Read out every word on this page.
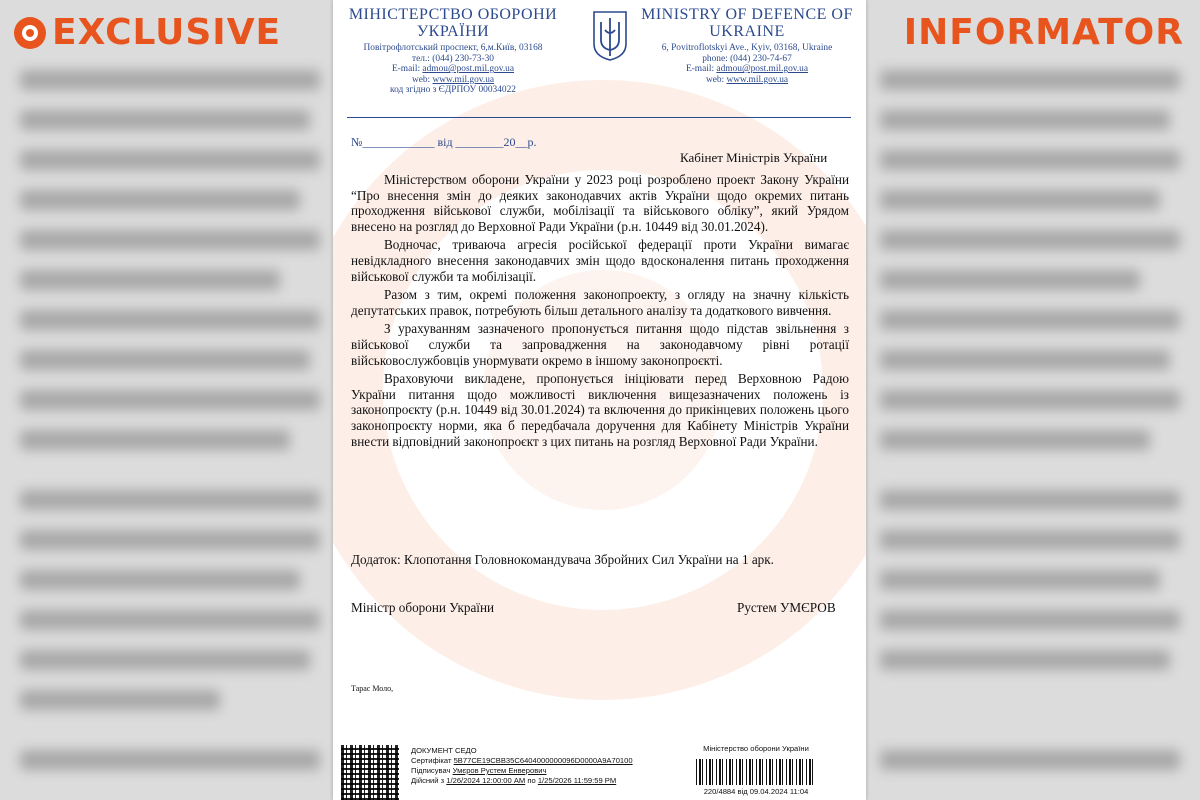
EXCLUSIVE	INFORMATOR
МІНІСТЕРСТВО ОБОРОНИ УКРАЇНИ
Повітрофлотський проспект, 6,м.Київ, 03168
тел.: (044) 230-73-30
E-mail: admou@post.mil.gov.ua
web: www.mil.gov.ua
код згідно з ЄДРПОУ 00034022
MINISTRY OF DEFENCE OF UKRAINE
6, Povitroflotskyi Ave., Kyiv, 03168, Ukraine
phone: (044) 230-74-67
E-mail: admou@post.mil.gov.ua
web: www.mil.gov.ua
№____________ від ________20__р.
Кабінет Міністрів України

Міністерством оборони України у 2023 році розроблено проект Закону України “Про внесення змін до деяких законодавчих актів України щодо окремих питань проходження військової служби, мобілізації та військового обліку”, який Урядом внесено на розгляд до Верховної Ради України (р.н. 10449 від 30.01.2024).

Водночас, триваюча агресія російської федерації проти України вимагає невідкладного внесення законодавчих змін щодо вдосконалення питань проходження військової служби та мобілізації.

Разом з тим, окремі положення законопроекту, з огляду на значну кількість депутатських правок, потребують більш детального аналізу та додаткового вивчення.

З урахуванням зазначеного пропонується питання щодо підстав звільнення з військової служби та запровадження на законодавчому рівні ротації військовослужбовців унормувати окремо в іншому законопроєкті.

Враховуючи викладене, пропонується ініціювати перед Верховною Радою України питання щодо можливості виключення вищезазначених положень із законопроєкту (р.н. 10449 від 30.01.2024) та включення до прикінцевих положень цього законопроєкту норми, яка б передбачала доручення для Кабінету Міністрів України внести відповідний законопроєкт з цих питань на розгляд Верховної Ради України.

Додаток: Клопотання Головнокомандувача Збройних Сил України на 1 арк.
Міністр оборони України	Рустем УМЄРОВ
Тарас Моло,
ДОКУМЕНТ СЕДО
Сертифікат 5B77CE19CBB35C6404000000096D0000A9A70100
Підписувач Умєров Рустем Енверович
Дійсний з 1/26/2024 12:00:00 AM по 1/25/2026 11:59:59 PM
Міністерство оборони України
220/4884 від 09.04.2024 11:04
